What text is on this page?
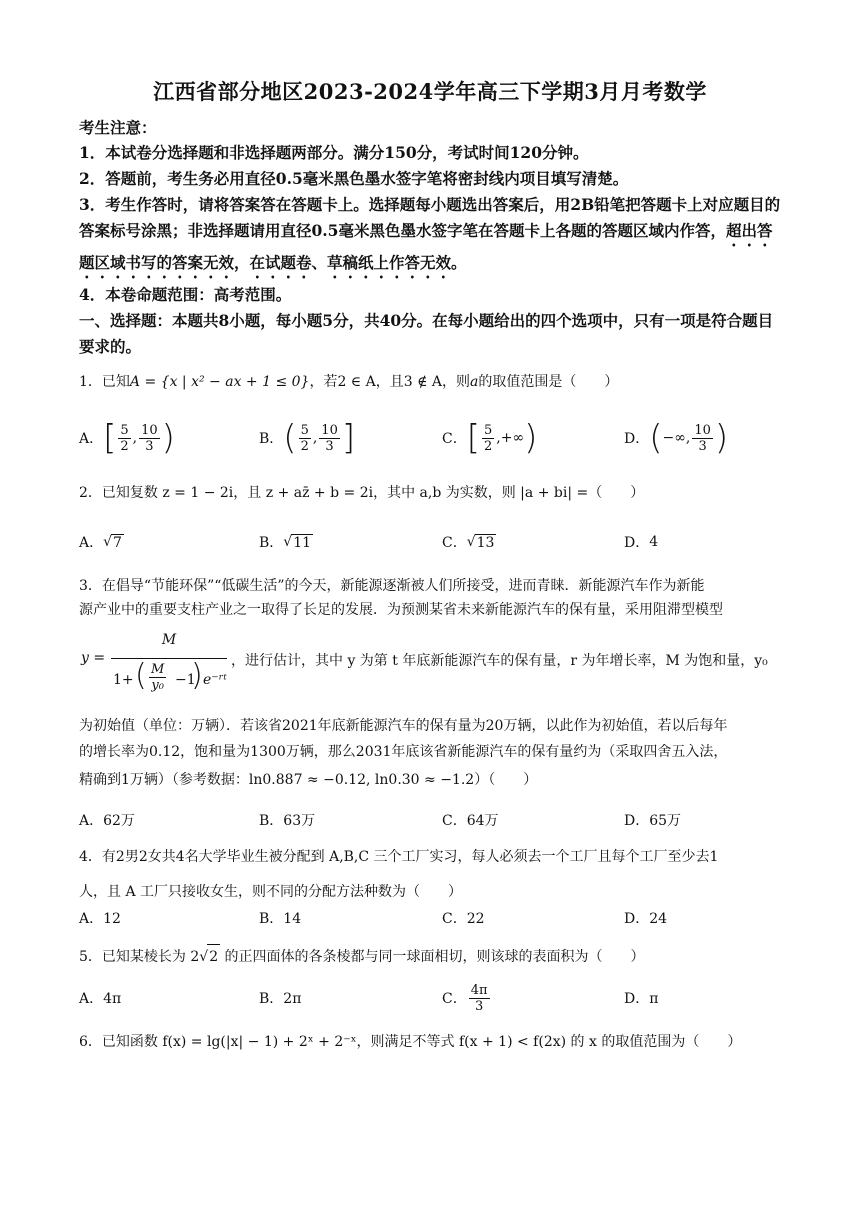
江西省部分地区2023-2024学年高三下学期3月月考数学
考生注意：
1．本试卷分选择题和非选择题两部分。满分150分，考试时间120分钟。
2．答题前，考生务必用直径0.5毫米黑色墨水签字笔将密封线内项目填写清楚。
3．考生作答时，请将答案答在答题卡上。选择题每小题选出答案后，用2B铅笔把答题卡上对应题目的答案标号涂黑；非选择题请用直径0.5毫米黑色墨水签字笔在答题卡上各题的答题区域内作答，超出答题区域书写的答案无效，在试题卷、草稿纸上作答无效。
4．本卷命题范围：高考范围。
一、选择题：本题共8小题，每小题5分，共40分。在每小题给出的四个选项中，只有一项是符合题目要求的。
1．已知A = {x | x² − ax + 1 ≤ 0}，若2 ∈ A，且3 ∉ A，则a的取值范围是（　　）
A． [ $\frac{5}{2}$ , $\frac{10}{3}$ )	B． ( $\frac{5}{2}$ , $\frac{10}{3}$ ]	C． [ $\frac{5}{2}$ ,+∞ )	D． ( −∞, $\frac{10}{3}$ )
2．已知复数 z = 1 − 2i，且 z + az̄ + b = 2i，其中 a,b 为实数，则 |a + bi| =（　　）
A． √ 7	B． √ 11	C． √ 13	D． 4
3．在倡导“节能环保”“低碳生活”的今天，新能源逐渐被人们所接受，进而青睐．新能源汽车作为新能
源产业中的重要支柱产业之一取得了长足的发展．为预测某省未来新能源汽车的保有量，采用阻滞型模型
y =
M
1+ ( $\frac{M}{\text{y₀}} -1$
) e⁻ʳᵗ
，进行估计，其中 y 为第 t 年底新能源汽车的保有量，r 为年增长率，M 为饱和量，y₀
为初始值（单位：万辆）．若该省2021年底新能源汽车的保有量为20万辆，以此作为初始值，若以后每年
的增长率为0.12，饱和量为1300万辆，那么2031年底该省新能源汽车的保有量约为（采取四舍五入法，
精确到1万辆）（参考数据：ln0.887 ≈ −0.12, ln0.30 ≈ −1.2）（　　）
A．62万	B．63万	C．64万	D．65万
4．有2男2女共4名大学毕业生被分配到 A,B,C 三个工厂实习，每人必须去一个工厂且每个工厂至少去1
人，且 A 工厂只接收女生，则不同的分配方法种数为（　　）
A．12	B．14	C．22	D．24
5．已知某棱长为 2√2 的正四面体的各条棱都与同一球面相切，则该球的表面积为（　　）
A．4π	B．2π	C． $\frac{4\pi}{3}$	D．π
6．已知函数 f(x) = lg(|x| − 1) + 2ˣ + 2⁻ˣ，则满足不等式 f(x + 1) < f(2x) 的 x 的取值范围为（　　）
